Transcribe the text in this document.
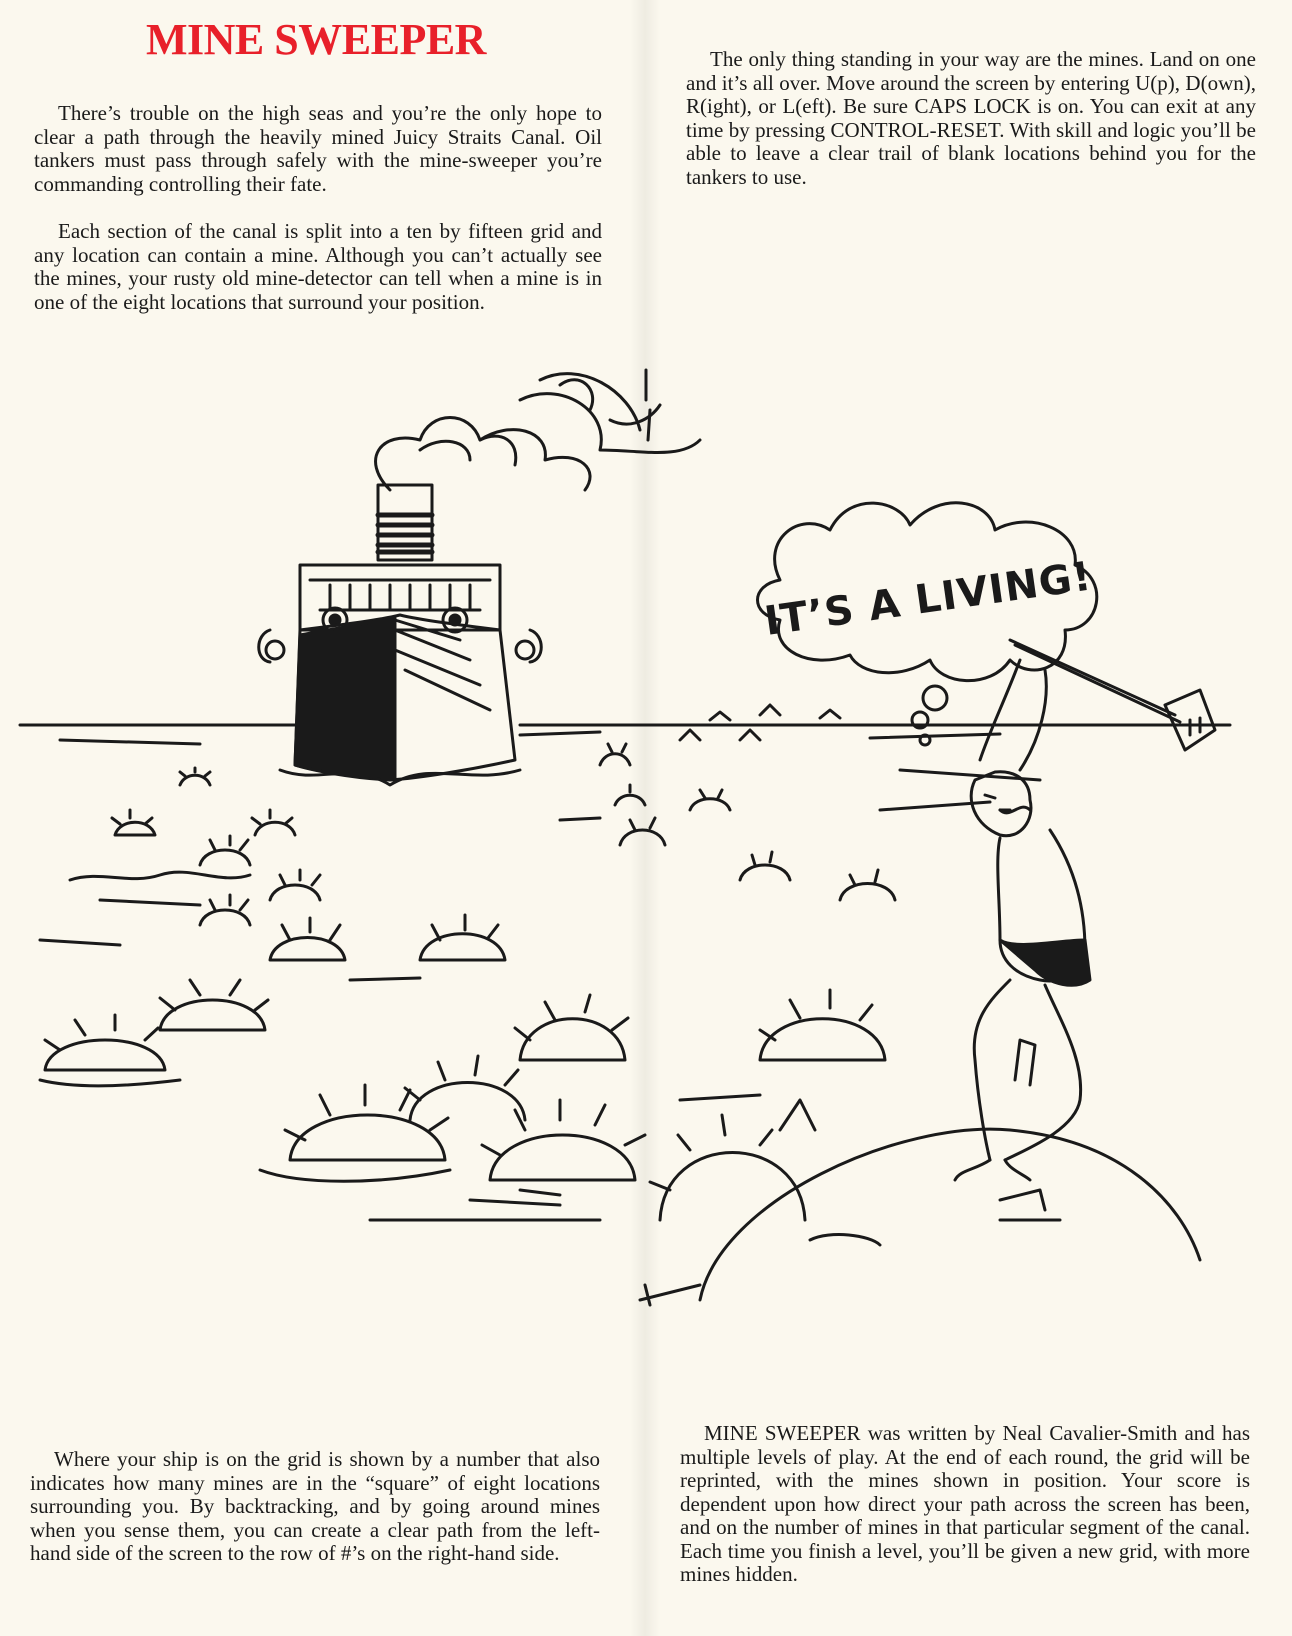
MINE SWEEPER

There’s trouble on the high seas and you’re the only hope to clear a path through the heavily mined Juicy Straits Canal. Oil tankers must pass through safely with the mine-sweeper you’re commanding controlling their fate.

Each section of the canal is split into a ten by fifteen grid and any location can contain a mine. Although you can’t actually see the mines, your rusty old mine-detector can tell when a mine is in one of the eight locations that surround your position.

The only thing standing in your way are the mines. Land on one and it’s all over. Move around the screen by entering U(p), D(own), R(ight), or L(eft). Be sure CAPS LOCK is on. You can exit at any time by pressing CONTROL-RESET. With skill and logic you’ll be able to leave a clear trail of blank locations behind you for the tankers to use.

IT’S A LIVING!

Where your ship is on the grid is shown by a number that also indicates how many mines are in the “square” of eight locations surrounding you. By backtracking, and by going around mines when you sense them, you can create a clear path from the left-hand side of the screen to the row of #’s on the right-hand side.

MINE SWEEPER was written by Neal Cavalier-Smith and has multiple levels of play. At the end of each round, the grid will be reprinted, with the mines shown in position. Your score is dependent upon how direct your path across the screen has been, and on the number of mines in that particular segment of the canal. Each time you finish a level, you’ll be given a new grid, with more mines hidden.
